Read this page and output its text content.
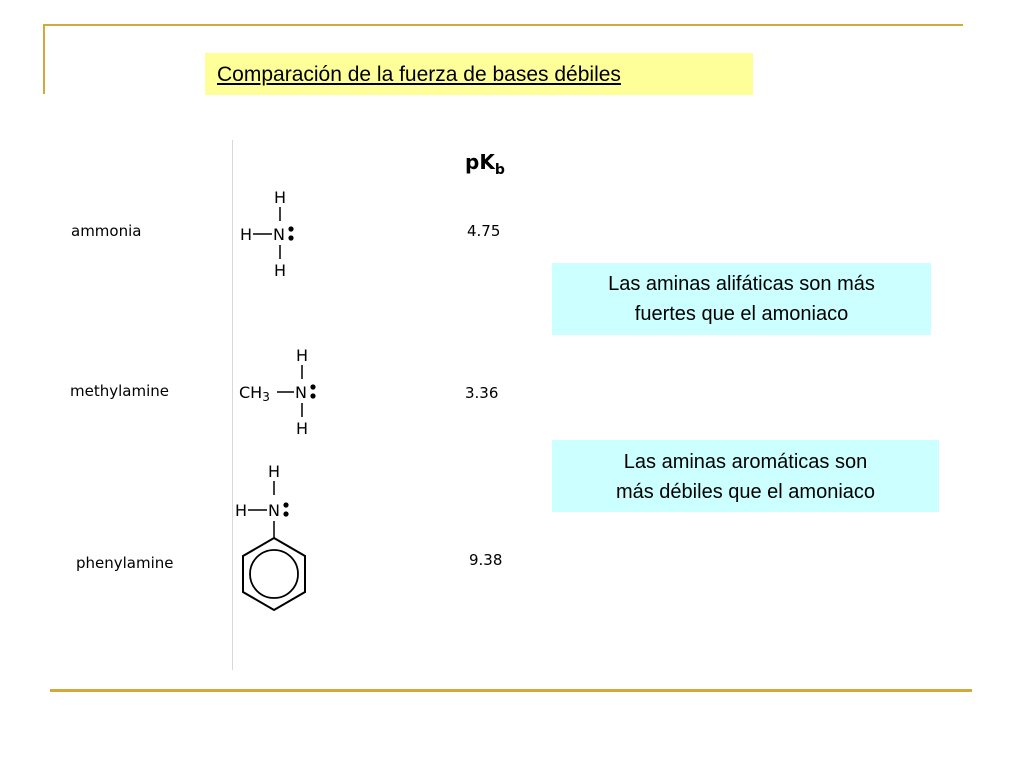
Comparación de la fuerza de bases débiles
$pK_b$
ammonia
H
H N
H
4.75
methylamine
H
CH3 N
H
3.36
phenylamine
H
H N
9.38
Las aminas alifáticas son más
fuertes que el amoniaco
Las aminas aromáticas son
más débiles que el amoniaco
